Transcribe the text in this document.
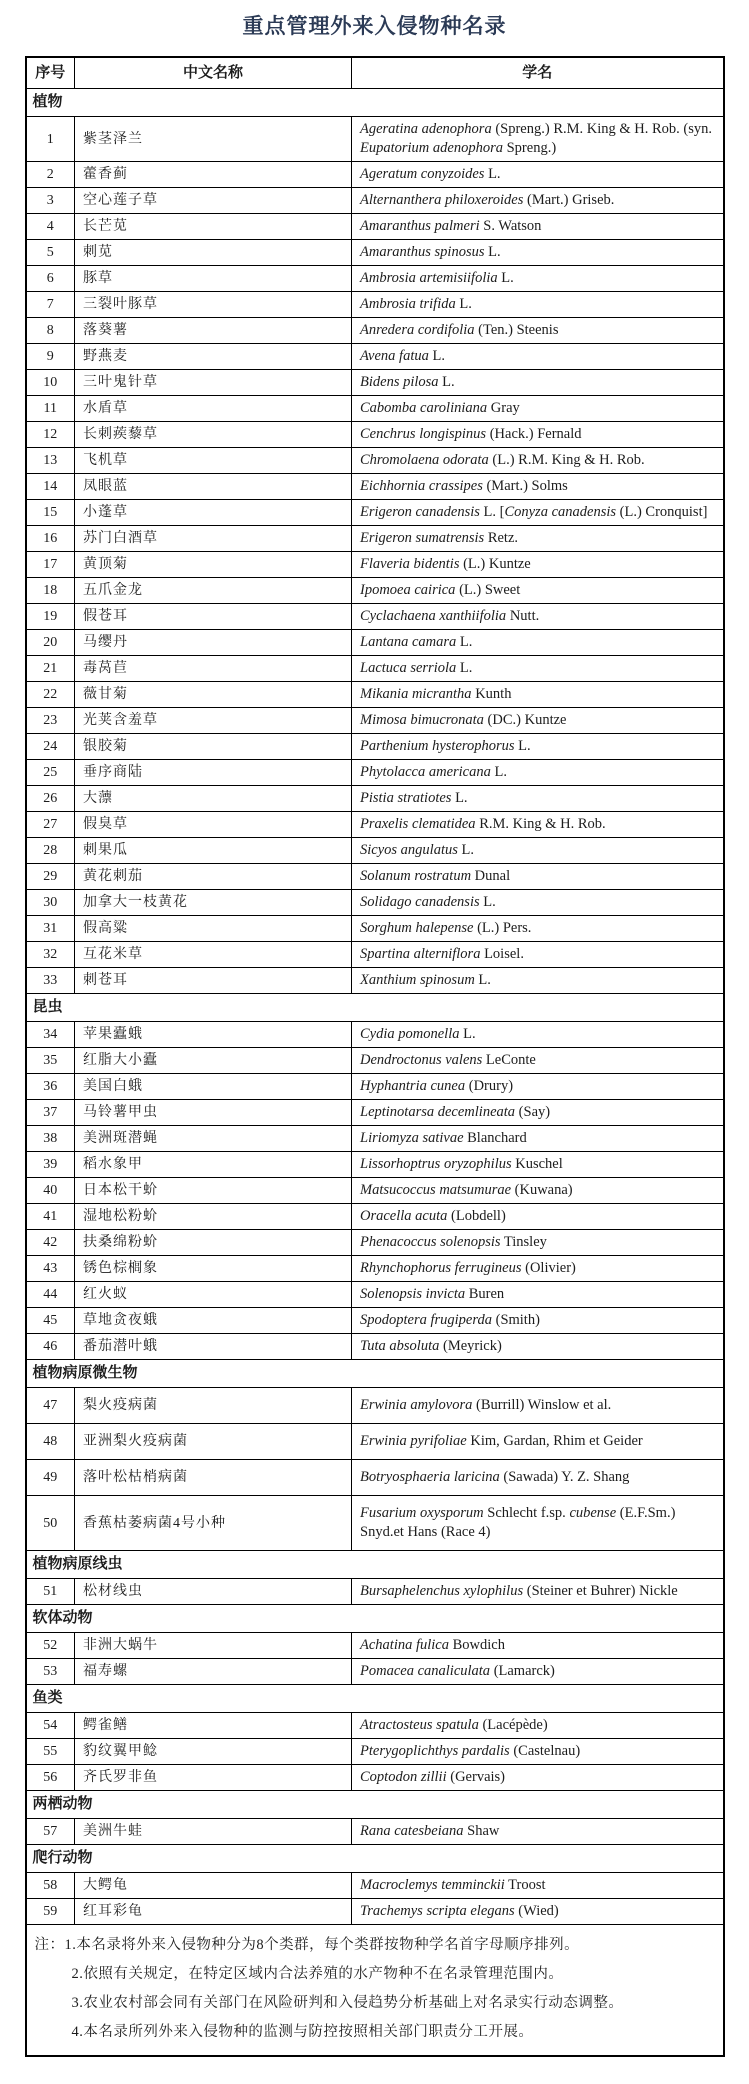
重点管理外来入侵物种名录
序号	中文名称	学名
植物		
1	紫茎泽兰	Ageratina adenophora (Spreng.) R.M. King & H. Rob. (syn. Eupatorium adenophora Spreng.)
2	藿香蓟	Ageratum conyzoides L.
3	空心莲子草	Alternanthera philoxeroides (Mart.) Griseb.
4	长芒苋	Amaranthus palmeri S. Watson
5	刺苋	Amaranthus spinosus L.
6	豚草	Ambrosia artemisiifolia L.
7	三裂叶豚草	Ambrosia trifida L.
8	落葵薯	Anredera cordifolia (Ten.) Steenis
9	野燕麦	Avena fatua L.
10	三叶鬼针草	Bidens pilosa L.
11	水盾草	Cabomba caroliniana Gray
12	长刺蒺藜草	Cenchrus longispinus (Hack.) Fernald
13	飞机草	Chromolaena odorata (L.) R.M. King & H. Rob.
14	凤眼蓝	Eichhornia crassipes (Mart.) Solms
15	小蓬草	Erigeron canadensis L. [Conyza canadensis (L.) Cronquist]
16	苏门白酒草	Erigeron sumatrensis Retz.
17	黄顶菊	Flaveria bidentis (L.) Kuntze
18	五爪金龙	Ipomoea cairica (L.) Sweet
19	假苍耳	Cyclachaena xanthiifolia Nutt.
20	马缨丹	Lantana camara L.
21	毒莴苣	Lactuca serriola L.
22	薇甘菊	Mikania micrantha Kunth
23	光荚含羞草	Mimosa bimucronata (DC.) Kuntze
24	银胶菊	Parthenium hysterophorus L.
25	垂序商陆	Phytolacca americana L.
26	大薸	Pistia stratiotes L.
27	假臭草	Praxelis clematidea R.M. King & H. Rob.
28	刺果瓜	Sicyos angulatus L.
29	黄花刺茄	Solanum rostratum Dunal
30	加拿大一枝黄花	Solidago canadensis L.
31	假高粱	Sorghum halepense (L.) Pers.
32	互花米草	Spartina alterniflora Loisel.
33	刺苍耳	Xanthium spinosum L.
昆虫		
34	苹果蠹蛾	Cydia pomonella L.
35	红脂大小蠹	Dendroctonus valens LeConte
36	美国白蛾	Hyphantria cunea (Drury)
37	马铃薯甲虫	Leptinotarsa decemlineata (Say)
38	美洲斑潜蝇	Liriomyza sativae Blanchard
39	稻水象甲	Lissorhoptrus oryzophilus Kuschel
40	日本松干蚧	Matsucoccus matsumurae (Kuwana)
41	湿地松粉蚧	Oracella acuta (Lobdell)
42	扶桑绵粉蚧	Phenacoccus solenopsis Tinsley
43	锈色棕榈象	Rhynchophorus ferrugineus (Olivier)
44	红火蚁	Solenopsis invicta Buren
45	草地贪夜蛾	Spodoptera frugiperda (Smith)
46	番茄潜叶蛾	Tuta absoluta (Meyrick)
植物病原微生物		
47	梨火疫病菌	Erwinia amylovora (Burrill) Winslow et al.
48	亚洲梨火疫病菌	Erwinia pyrifoliae Kim, Gardan, Rhim et Geider
49	落叶松枯梢病菌	Botryosphaeria laricina (Sawada) Y. Z. Shang
50	香蕉枯萎病菌4号小种	Fusarium oxysporum Schlecht f.sp. cubense (E.F.Sm.) Snyd.et Hans (Race 4)
植物病原线虫		
51	松材线虫	Bursaphelenchus xylophilus (Steiner et Buhrer) Nickle
软体动物		
52	非洲大蜗牛	Achatina fulica Bowdich
53	福寿螺	Pomacea canaliculata (Lamarck)
鱼类		
54	鳄雀鳝	Atractosteus spatula (Lacépède)
55	豹纹翼甲鲶	Pterygoplichthys pardalis (Castelnau)
56	齐氏罗非鱼	Coptodon zillii (Gervais)
两栖动物		
57	美洲牛蛙	Rana catesbeiana Shaw
爬行动物		
58	大鳄龟	Macroclemys temminckii Troost
59	红耳彩龟	Trachemys scripta elegans (Wied)

注：1.本名录将外来入侵物种分为8个类群，每个类群按物种学名首字母顺序排列。
2.依照有关规定，在特定区域内合法养殖的水产物种不在名录管理范围内。
3.农业农村部会同有关部门在风险研判和入侵趋势分析基础上对名录实行动态调整。
4.本名录所列外来入侵物种的监测与防控按照相关部门职责分工开展。		
